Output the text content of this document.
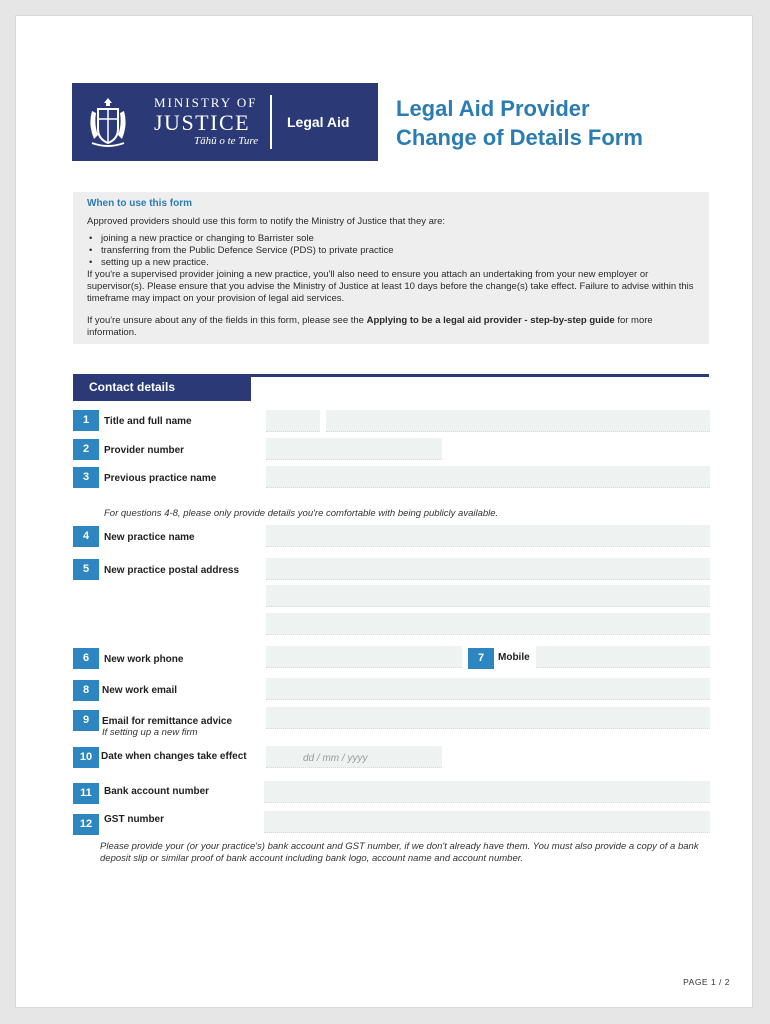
MINISTRY OF
JUSTICE
Tāhū o te Ture
Legal Aid
Legal Aid Provider
Change of Details Form
When to use this form

Approved providers should use this form to notify the Ministry of Justice that they are:

• joining a new practice or changing to Barrister sole
• transferring from the Public Defence Service (PDS) to private practice
• setting up a new practice.

If you're a supervised provider joining a new practice, you'll also need to ensure you attach an undertaking from your new employer or supervisor(s). Please ensure that you advise the Ministry of Justice at least 10 days before the change(s) take effect. Failure to advise within this timeframe may impact on your provision of legal aid services.

If you're unsure about any of the fields in this form, please see the Applying to be a legal aid provider - step-by-step guide for more information.

Contact details
1	Title and full name
2	Provider number
3	Previous practice name
For questions 4-8, please only provide details you're comfortable with being publicly available.
4	New practice name
5	New practice postal address
6	New work phone	7	Mobile
8	New work email
9	Email for remittance advice
If setting up a new firm
10 Date when changes take effect	dd / mm / yyyy
11	Bank account number
12	GST number
Please provide your (or your practice's) bank account and GST number, if we don't already have them. You must also provide a copy of a bank deposit slip or similar proof of bank account including bank logo, account name and account number.
PAGE 1 / 2
